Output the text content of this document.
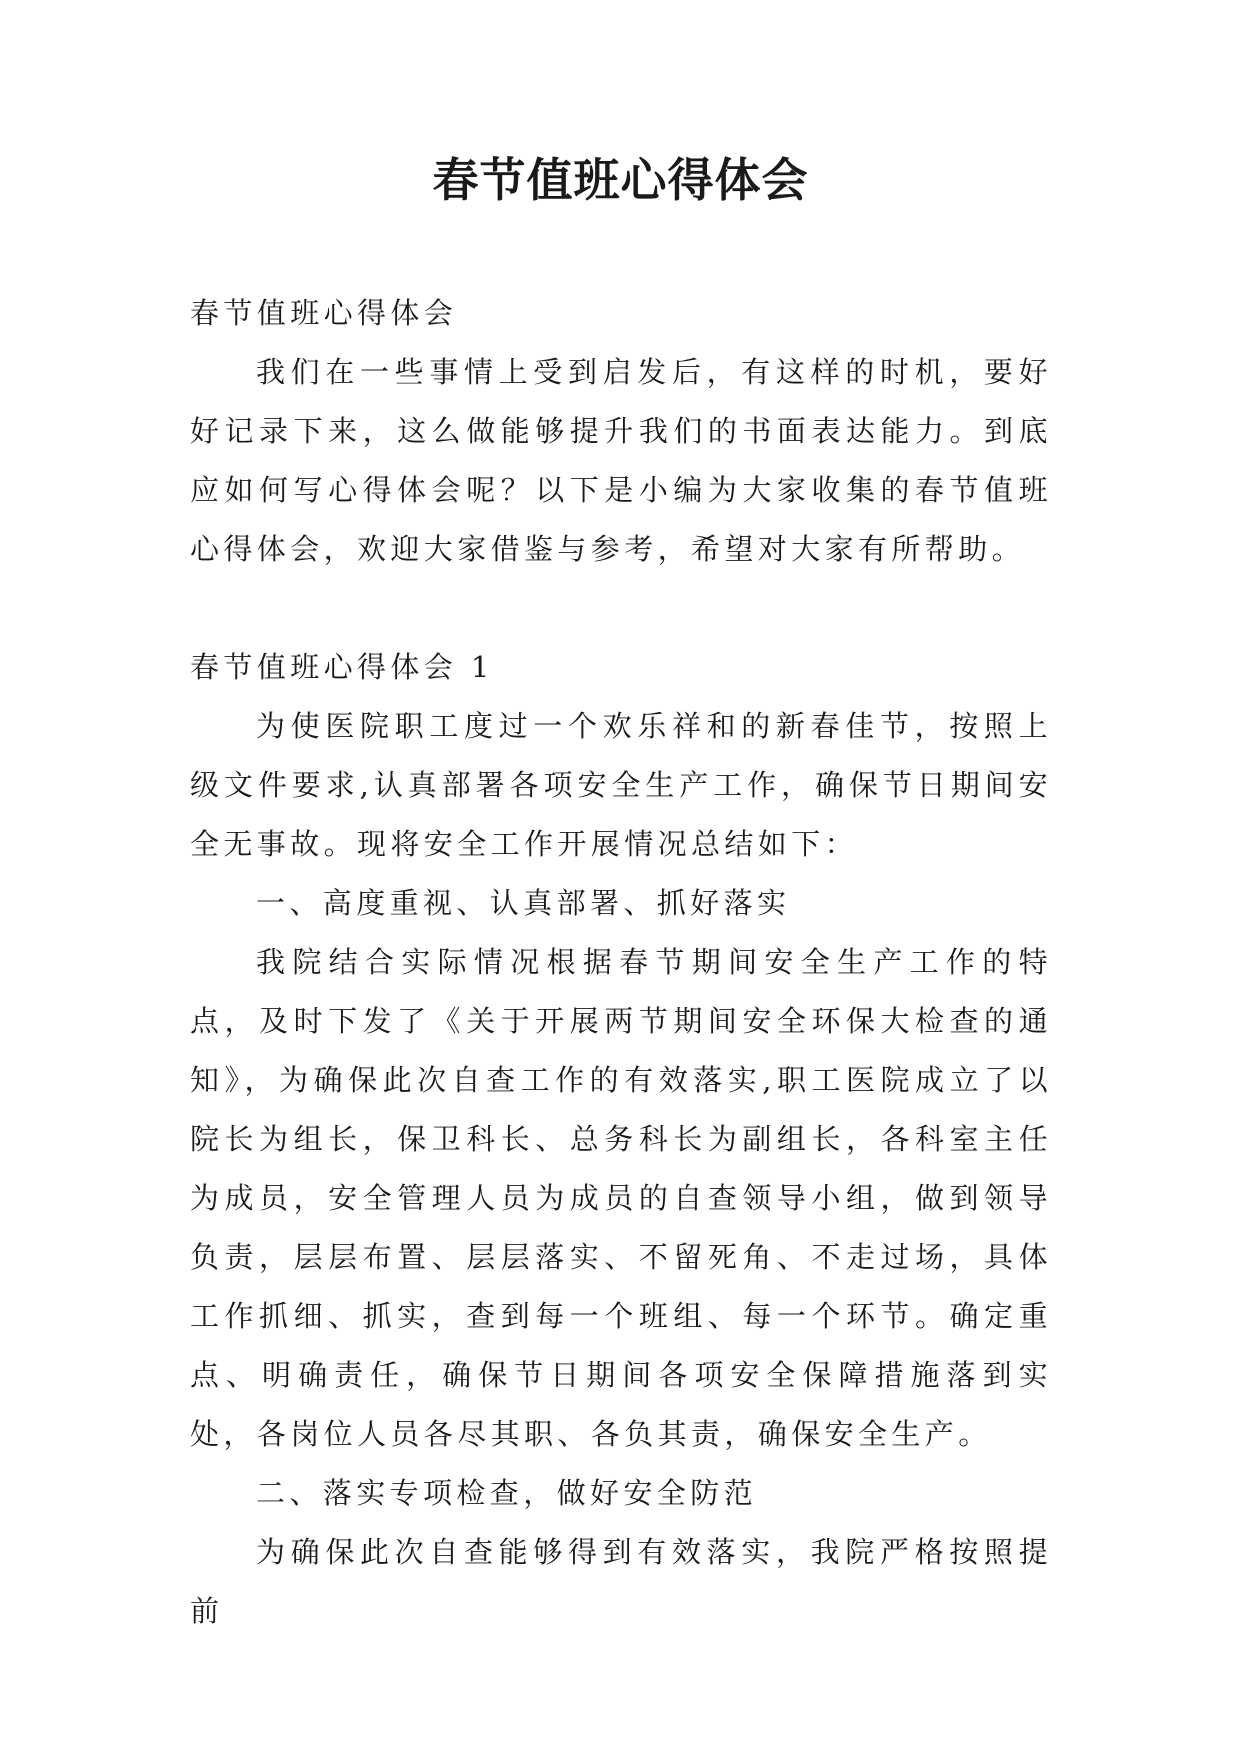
春节值班心得体会

春节值班心得体会

我们在一些事情上受到启发后，有这样的时机，要好好记录下来，这么做能够提升我们的书面表达能力。到底应如何写心得体会呢？以下是小编为大家收集的春节值班心得体会，欢迎大家借鉴与参考，希望对大家有所帮助。

春节值班心得体会 1

为使医院职工度过一个欢乐祥和的新春佳节，按照上级文件要求,认真部署各项安全生产工作，确保节日期间安全无事故。现将安全工作开展情况总结如下：

一、高度重视、认真部署、抓好落实

我院结合实际情况根据春节期间安全生产工作的特点，及时下发了《关于开展两节期间安全环保大检查的通知》，为确保此次自查工作的有效落实,职工医院成立了以院长为组长，保卫科长、总务科长为副组长，各科室主任为成员，安全管理人员为成员的自查领导小组，做到领导负责，层层布置、层层落实、不留死角、不走过场，具体工作抓细、抓实，查到每一个班组、每一个环节。确定重点、明确责任，确保节日期间各项安全保障措施落到实处，各岗位人员各尽其职、各负其责，确保安全生产。

二、落实专项检查，做好安全防范

为确保此次自查能够得到有效落实，我院严格按照提前
